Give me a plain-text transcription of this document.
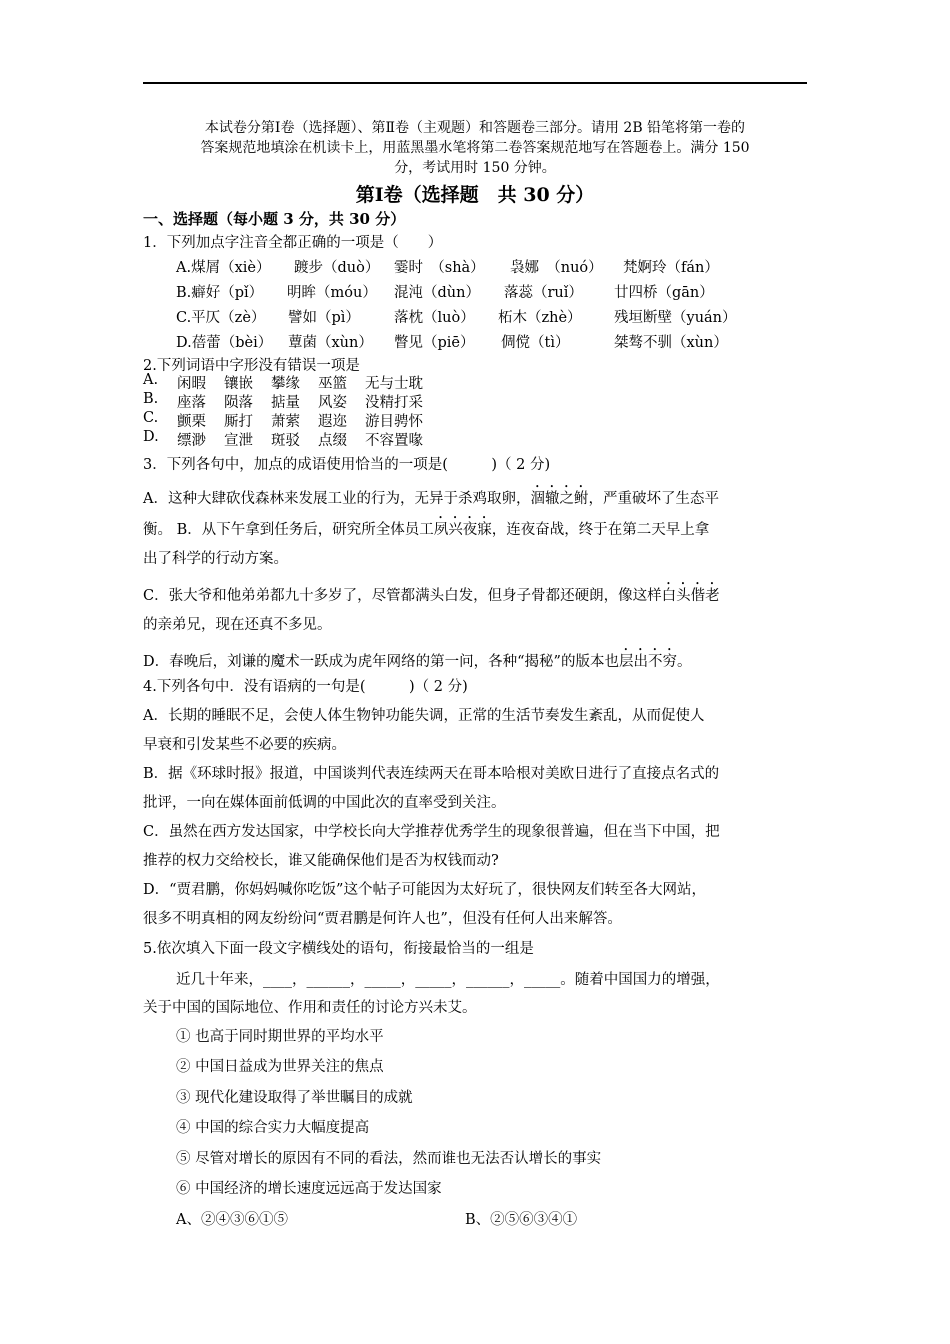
本试卷分第Ⅰ卷（选择题）、第Ⅱ卷（主观题）和答题卷三部分。请用 2B 铅笔将第一卷的
答案规范地填涂在机读卡上，用蓝黑墨水笔将第二卷答案规范地写在答题卷上。满分 150
分，考试用时 150 分钟。
第Ⅰ卷（选择题　共 30 分）
一、选择题（每小题 3 分，共 30 分）
1．下列加点字注音全都正确的一项是（　　）
A.煤屑（xiè）	踱步（duò）	霎时　（shà）	袅娜　（nuó）	梵婀玲（fán）
B.癖好（pǐ）	明眸（móu）	混沌（dùn）	落蕊（ruǐ）	廿四桥（gān）
C.平仄（zè）	譬如（pì）	落枕（luò）	柘木（zhè）	残垣断壁（yuán）
D.蓓蕾（bèi）	蕈菌（xùn）	瞥见（piē）	倜傥（tì）	桀骜不驯（xùn）
2.下列词语中字形没有错误一项是
A.	闲暇 镶嵌 攀缘 巫篮 无与士耽
B.	座落 陨落 掂量 风姿 没精打采
C.	颤栗 厮打 萧萦 遐迩 游目骋怀
D.	缥渺 宣泄 斑驳 点缀 不容置喙
3．下列各句中，加点的成语使用恰当的一项是(　　　)（ 2 分)
A．这种大肆砍伐森林来发展工业的行为，无异于杀鸡取卵，涸辙之鲋，严重破坏了生态平
衡。 B．从下午拿到任务后，研究所全体员工夙兴夜寐，连夜奋战，终于在第二天早上拿
出了科学的行动方案。
C．张大爷和他弟弟都九十多岁了，尽管都满头白发，但身子骨都还硬朗，像这样白头偕老
的亲弟兄，现在还真不多见。
D．春晚后，刘谦的魔术一跃成为虎年网络的第一问，各种“揭秘”的版本也层出不穷。
4.下列各句中．没有语病的一句是(　　　)（ 2 分)
A．长期的睡眠不足，会使人体生物钟功能失调，正常的生活节奏发生紊乱，从而促使人
早衰和引发某些不必要的疾病。
B．据《环球时报》报道，中国谈判代表连续两天在哥本哈根对美欧日进行了直接点名式的
批评，一向在媒体面前低调的中国此次的直率受到关注。
C．虽然在西方发达国家，中学校长向大学推荐优秀学生的现象很普遍，但在当下中国，把
推荐的权力交给校长，谁又能确保他们是否为权钱而动?
D．“贾君鹏，你妈妈喊你吃饭”这个帖子可能因为太好玩了，很快网友们转至各大网站，
很多不明真相的网友纷纷问“贾君鹏是何许人也”，但没有任何人出来解答。
5.依次填入下面一段文字横线处的语句，衔接最恰当的一组是
近几十年来，____，______，_____，_____，______，_____。随着中国国力的增强，
关于中国的国际地位、作用和责任的讨论方兴未艾。
① 也高于同时期世界的平均水平
② 中国日益成为世界关注的焦点
③ 现代化建设取得了举世瞩目的成就
④ 中国的综合实力大幅度提高
⑤ 尽管对增长的原因有不同的看法，然而谁也无法否认增长的事实
⑥ 中国经济的增长速度远远高于发达国家
A、②④③⑥①⑤	B、②⑤⑥③④①
